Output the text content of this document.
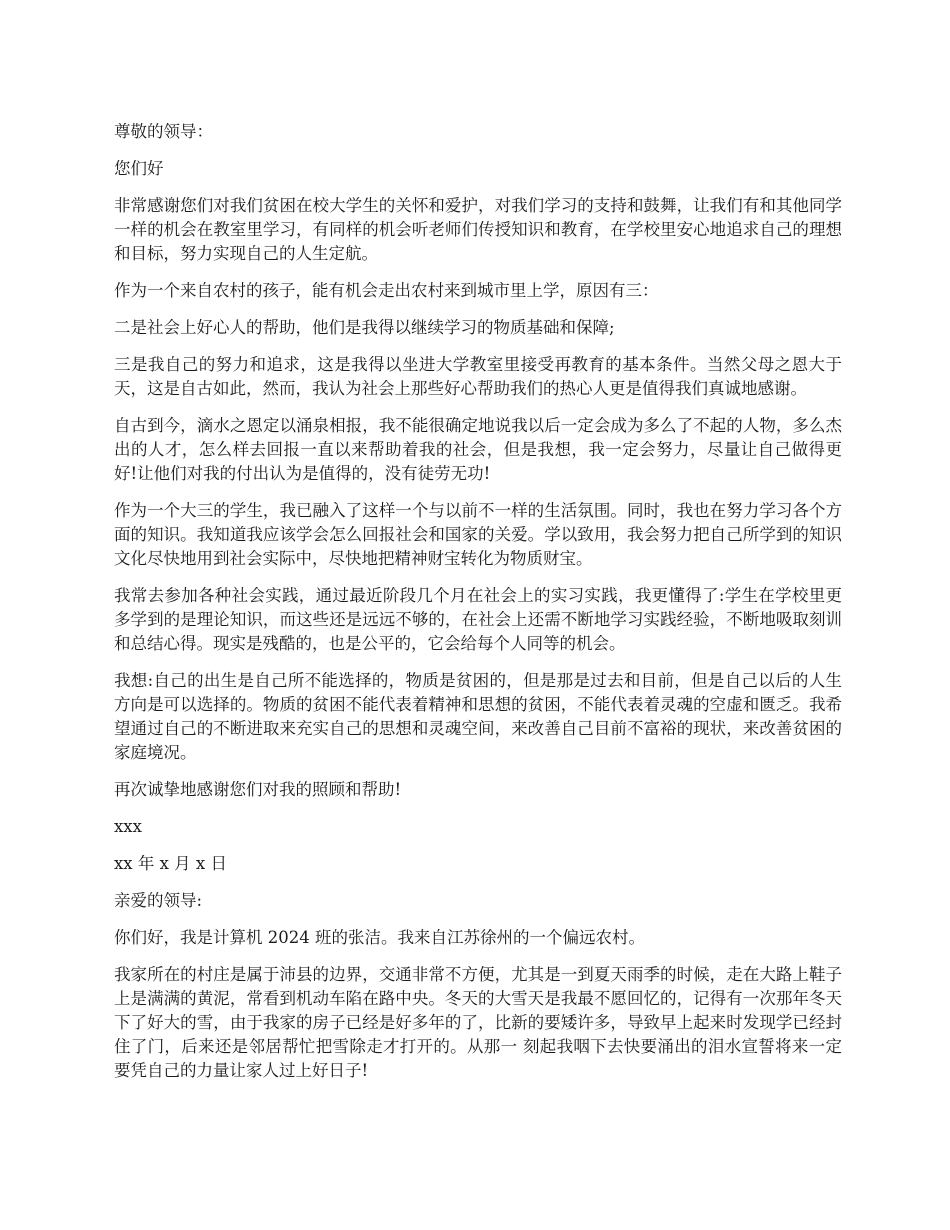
尊敬的领导：

您们好

非常感谢您们对我们贫困在校大学生的关怀和爱护，对我们学习的支持和鼓舞，让我们有和其他同学一样的机会在教室里学习，有同样的机会听老师们传授知识和教育，在学校里安心地追求自己的理想和目标，努力实现自己的人生定航。

作为一个来自农村的孩子，能有机会走出农村来到城市里上学，原因有三：

二是社会上好心人的帮助，他们是我得以继续学习的物质基础和保障;

三是我自己的努力和追求，这是我得以坐进大学教室里接受再教育的基本条件。当然父母之恩大于天，这是自古如此，然而，我认为社会上那些好心帮助我们的热心人更是值得我们真诚地感谢。

自古到今，滴水之恩定以涌泉相报，我不能很确定地说我以后一定会成为多么了不起的人物，多么杰出的人才，怎么样去回报一直以来帮助着我的社会，但是我想，我一定会努力，尽量让自己做得更好!让他们对我的付出认为是值得的，没有徒劳无功!

作为一个大三的学生，我已融入了这样一个与以前不一样的生活氛围。同时，我也在努力学习各个方面的知识。我知道我应该学会怎么回报社会和国家的关爱。学以致用，我会努力把自己所学到的知识文化尽快地用到社会实际中，尽快地把精神财宝转化为物质财宝。

我常去参加各种社会实践，通过最近阶段几个月在社会上的实习实践，我更懂得了:学生在学校里更多学到的是理论知识，而这些还是远远不够的，在社会上还需不断地学习实践经验，不断地吸取刻训和总结心得。现实是残酷的，也是公平的，它会给每个人同等的机会。

我想:自己的出生是自己所不能选择的，物质是贫困的，但是那是过去和目前，但是自己以后的人生方向是可以选择的。物质的贫困不能代表着精神和思想的贫困，不能代表着灵魂的空虚和匮乏。我希望通过自己的不断进取来充实自己的思想和灵魂空间，来改善自己目前不富裕的现状，来改善贫困的家庭境况。

再次诚挚地感谢您们对我的照顾和帮助!

xxx

xx 年 x 月 x 日

亲爱的领导:

你们好，我是计算机 2024 班的张洁。我来自江苏徐州的一个偏远农村。

我家所在的村庄是属于沛县的边界，交通非常不方便，尤其是一到夏天雨季的时候，走在大路上鞋子上是满满的黄泥，常看到机动车陷在路中央。冬天的大雪天是我最不愿回忆的，记得有一次那年冬天下了好大的雪，由于我家的房子已经是好多年的了，比新的要矮许多，导致早上起来时发现学已经封住了门，后来还是邻居帮忙把雪除走才打开的。从那一 刻起我咽下去快要涌出的泪水宣誓将来一定要凭自己的力量让家人过上好日子!
